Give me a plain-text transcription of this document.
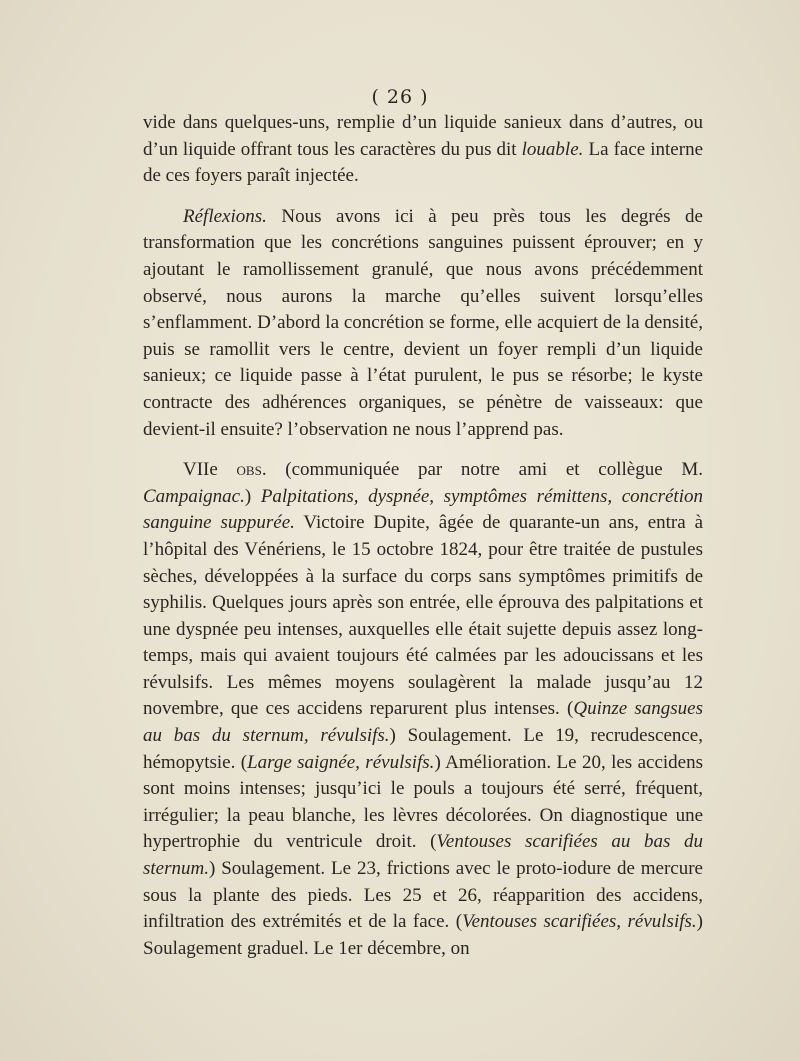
( 26 )

vide dans quelques-uns, remplie d’un liquide sanieux dans d’autres, ou d’un liquide offrant tous les caractères du pus dit louable. La face interne de ces foyers paraît injectée.

Réflexions. Nous avons ici à peu près tous les degrés de transformation que les concrétions sanguines puissent éprouver; en y ajoutant le ramollissement granulé, que nous avons précédemment observé, nous aurons la marche qu’elles suivent lorsqu’elles s’enflamment. D’abord la concrétion se forme, elle acquiert de la densité, puis se ramollit vers le centre, devient un foyer rempli d’un liquide sanieux; ce liquide passe à l’état purulent, le pus se résorbe; le kyste contracte des adhérences organiques, se pénètre de vaisseaux: que devient-il ensuite? l’observation ne nous l’apprend pas.

VIIe obs. (communiquée par notre ami et collègue M. Campaignac.) Palpitations, dyspnée, symptômes rémittens, concrétion sanguine suppurée. Victoire Dupite, âgée de quarante-un ans, entra à l’hôpital des Vénériens, le 15 octobre 1824, pour être traitée de pustules sèches, développées à la surface du corps sans symptômes primitifs de syphilis. Quelques jours après son entrée, elle éprouva des palpitations et une dyspnée peu intenses, auxquelles elle était sujette depuis assez long-temps, mais qui avaient toujours été calmées par les adoucissans et les révulsifs. Les mêmes moyens soulagèrent la malade jusqu’au 12 novembre, que ces accidens reparurent plus intenses. (Quinze sangsues au bas du sternum, révulsifs.) Soulagement. Le 19, recrudescence, hémopytsie. (Large saignée, révulsifs.) Amélioration. Le 20, les accidens sont moins intenses; jusqu’ici le pouls a toujours été serré, fréquent, irrégulier; la peau blanche, les lèvres décolorées. On diagnostique une hypertrophie du ventricule droit. (Ventouses scarifiées au bas du sternum.) Soulagement. Le 23, frictions avec le proto-iodure de mercure sous la plante des pieds. Les 25 et 26, réapparition des accidens, infiltration des extrémités et de la face. (Ventouses scarifiées, révulsifs.) Soulagement graduel. Le 1er décembre, on
